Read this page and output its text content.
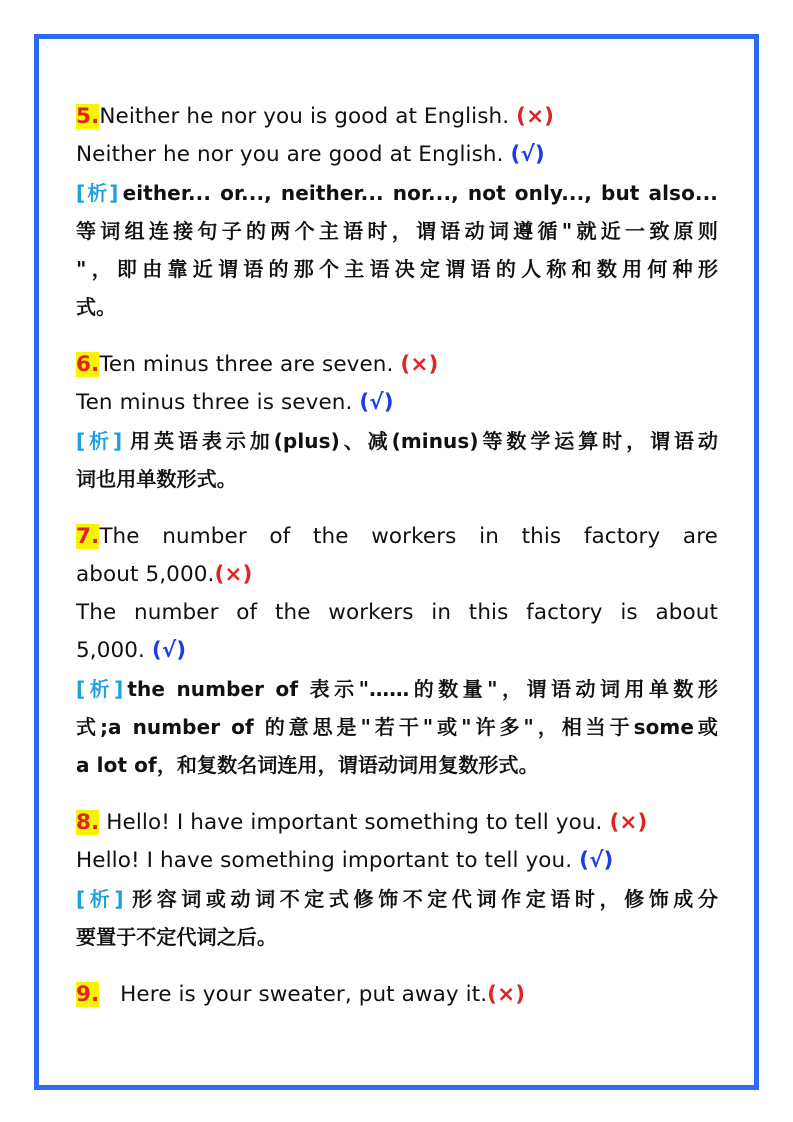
5.Neither he nor you is good at English. (×)
Neither he nor you are good at English. (√)
[析] either... or..., neither... nor..., not only..., but also...
等词组连接句子的两个主语时，谓语动词遵循"就近一致原则
"，即由靠近谓语的那个主语决定谓语的人称和数用何种形
式。
6.Ten minus three are seven. (×)
Ten minus three is seven. (√)
[析] 用英语表示加(plus)、减(minus)等数学运算时，谓语动
词也用单数形式。
7.The number of the workers in this factory are
about 5,000.(×)
The number of the workers in this factory is about
5,000. (√)
[析] the number of 表示"……的数量"，谓语动词用单数形
式;a number of 的意思是"若干"或"许多"，相当于some或
a lot of，和复数名词连用，谓语动词用复数形式。
8. Hello! I have important something to tell you. (×)
Hello! I have something important to tell you. (√)
[析] 形容词或动词不定式修饰不定代词作定语时，修饰成分
要置于不定代词之后。
9. Here is your sweater, put away it.(×)
